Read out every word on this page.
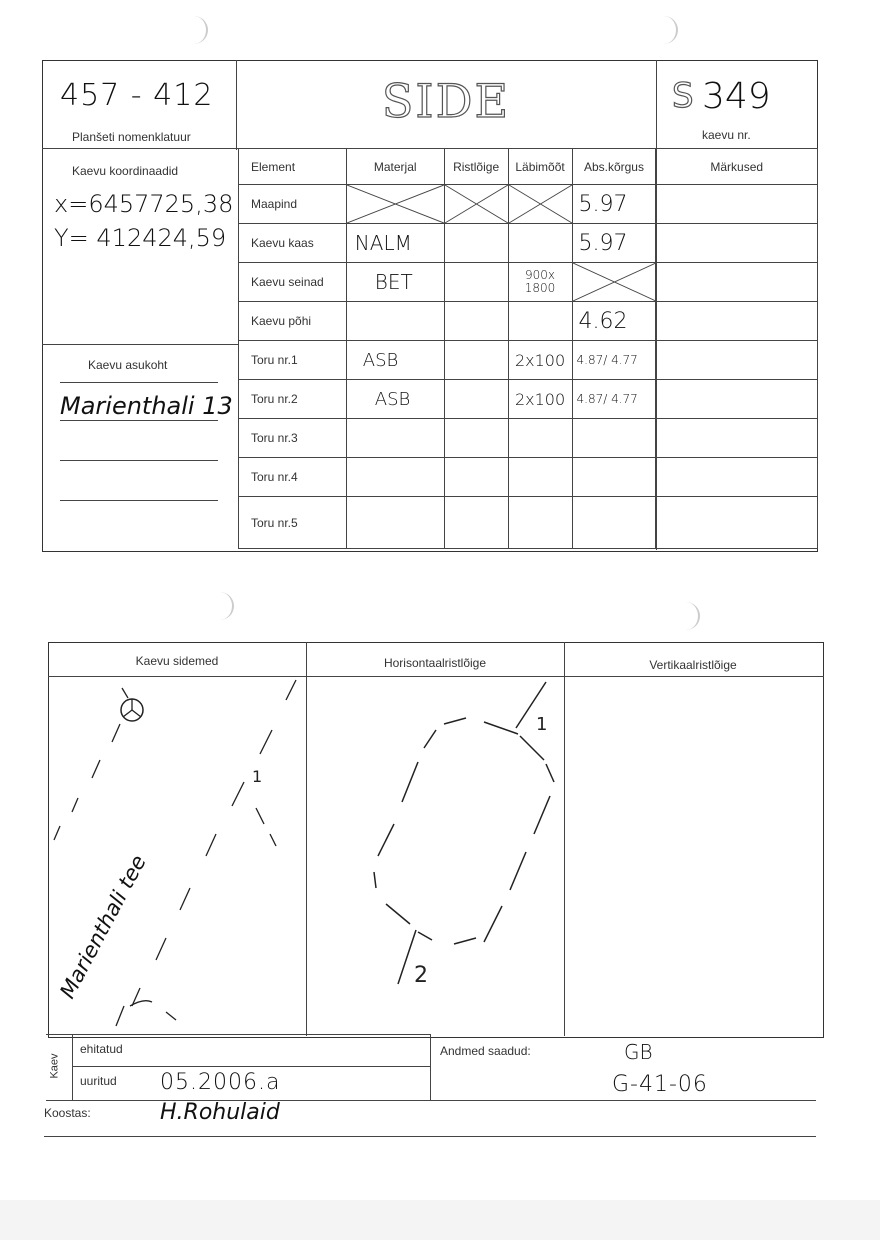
457 - 412
Planšeti nomenklatuur
SIDE	S 349
kaevu nr.
Kaevu koordinaadid
x=6457725,38
Y= 412424,59
Kaevu asukoht
Marienthali 13
Element	Materjal	Ristlõige	Läbimõõt	Abs.kõrgus	Märkused
Maapind				5.97	
Kaevu kaas	NALM			5.97	
Kaevu seinad	BET		900x 1800	

Kaevu põhi				4.62	
Toru nr.1	ASB		2x100	4.87/ 4.77	
Toru nr.2	ASB		2x100	4.87/ 4.77	
Toru nr.3					
Toru nr.4					
Toru nr.5					
Kaevu sidemed	Horisontaalristlõige	Vertikaalristlõige
1
Marienthali tee
1
2
Kaev
ehitatud
uuritud 05.2006.a
Andmed saadud:	GB
G-41-06
Koostas:	H.Rohulaid
